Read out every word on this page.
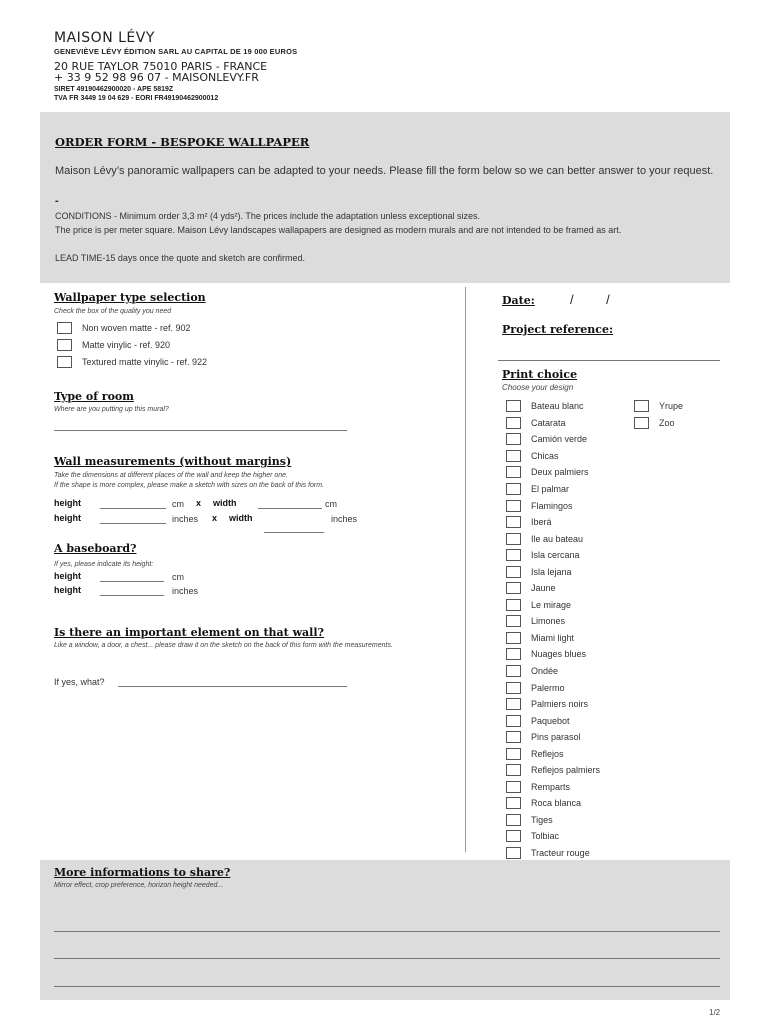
MAISON LÉVY
GENEVIÈVE LÉVY ÉDITION SARL AU CAPITAL DE 19 000 EUROS
20 RUE TAYLOR 75010 PARIS - FRANCE
+ 33 9 52 98 96 07 - MAISONLEVY.FR
SIRET 49190462900020 - APE 5819Z
TVA FR 3449 19 04 629 - EORI FR49190462900012
ORDER FORM - BESPOKE WALLPAPER
Maison Lévy’s panoramic wallpapers can be adapted to your needs. Please fill the form below so we can better answer to your request.
-
CONDITIONS - Minimum order 3,3 m² (4 yds²). The prices include the adaptation unless exceptional sizes.
The price is per meter square. Maison Lévy landscapes wallapapers are designed as modern murals and are not intended to be framed as art.
LEAD TIME-15 days once the quote and sketch are confirmed.
Wallpaper type selection
Check the box of the quality you need
Non woven matte - ref. 902
Matte vinylic - ref. 920
Textured matte vinylic - ref. 922
Type of room
Where are you putting up this mural?
Wall measurements (without margins)
Take the dimensions at different places of the wall and keep the higher one.
If the shape is more complex, please make a sketch with sizes on the back of this form.
height	cm x width	cm
height	inches x width	inches
A baseboard?
If yes, please indicate its height:
height	cm
height	inches
Is there an important element on that wall?
Like a window, a door, a chest... please draw it on the sketch on the back of this form with the measurements.
If yes, what?
Date:	/         /
Project reference:
Print choice
Choose your design
Bateau blanc
Catarata
Camión verde
Chicas
Deux palmiers
El palmar
Flamingos
Iberá
Ile au bateau
Isla cercana
Isla lejana
Jaune
Le mirage
Limones
Miami light
Nuages blues
Ondée
Palermo
Palmiers noirs
Paquebot
Pins parasol
Reflejos
Reflejos palmiers
Remparts
Roca blanca
Tiges
Tolbiac
Tracteur rouge
Yrupe
Zoo
More informations to share?
Mirror effect, crop preference, horizon height needed...
1/2
